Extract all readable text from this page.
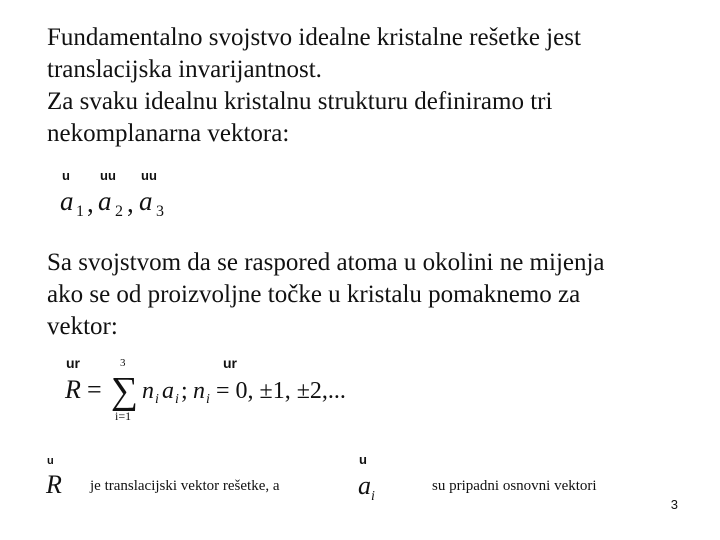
Fundamentalno svojstvo idealne kristalne rešetke jest
translacijska invarijantnost.
Za svaku idealnu kristalnu strukturu definiramo tri
nekomplanarna vektora:
u uu uu
a 1 , a 2 , a 3
Sa svojstvom da se raspored atoma u okolini ne mijenja
ako se od proizvoljne točke u kristalu pomaknemo za
vektor:
ur	ur
R =
3
∑
i=1
n i a i ; n i = 0, ±1, ±2,...
u
R je translacijski vektor rešetke, a
u
a i
su pripadni osnovni vektori
3
